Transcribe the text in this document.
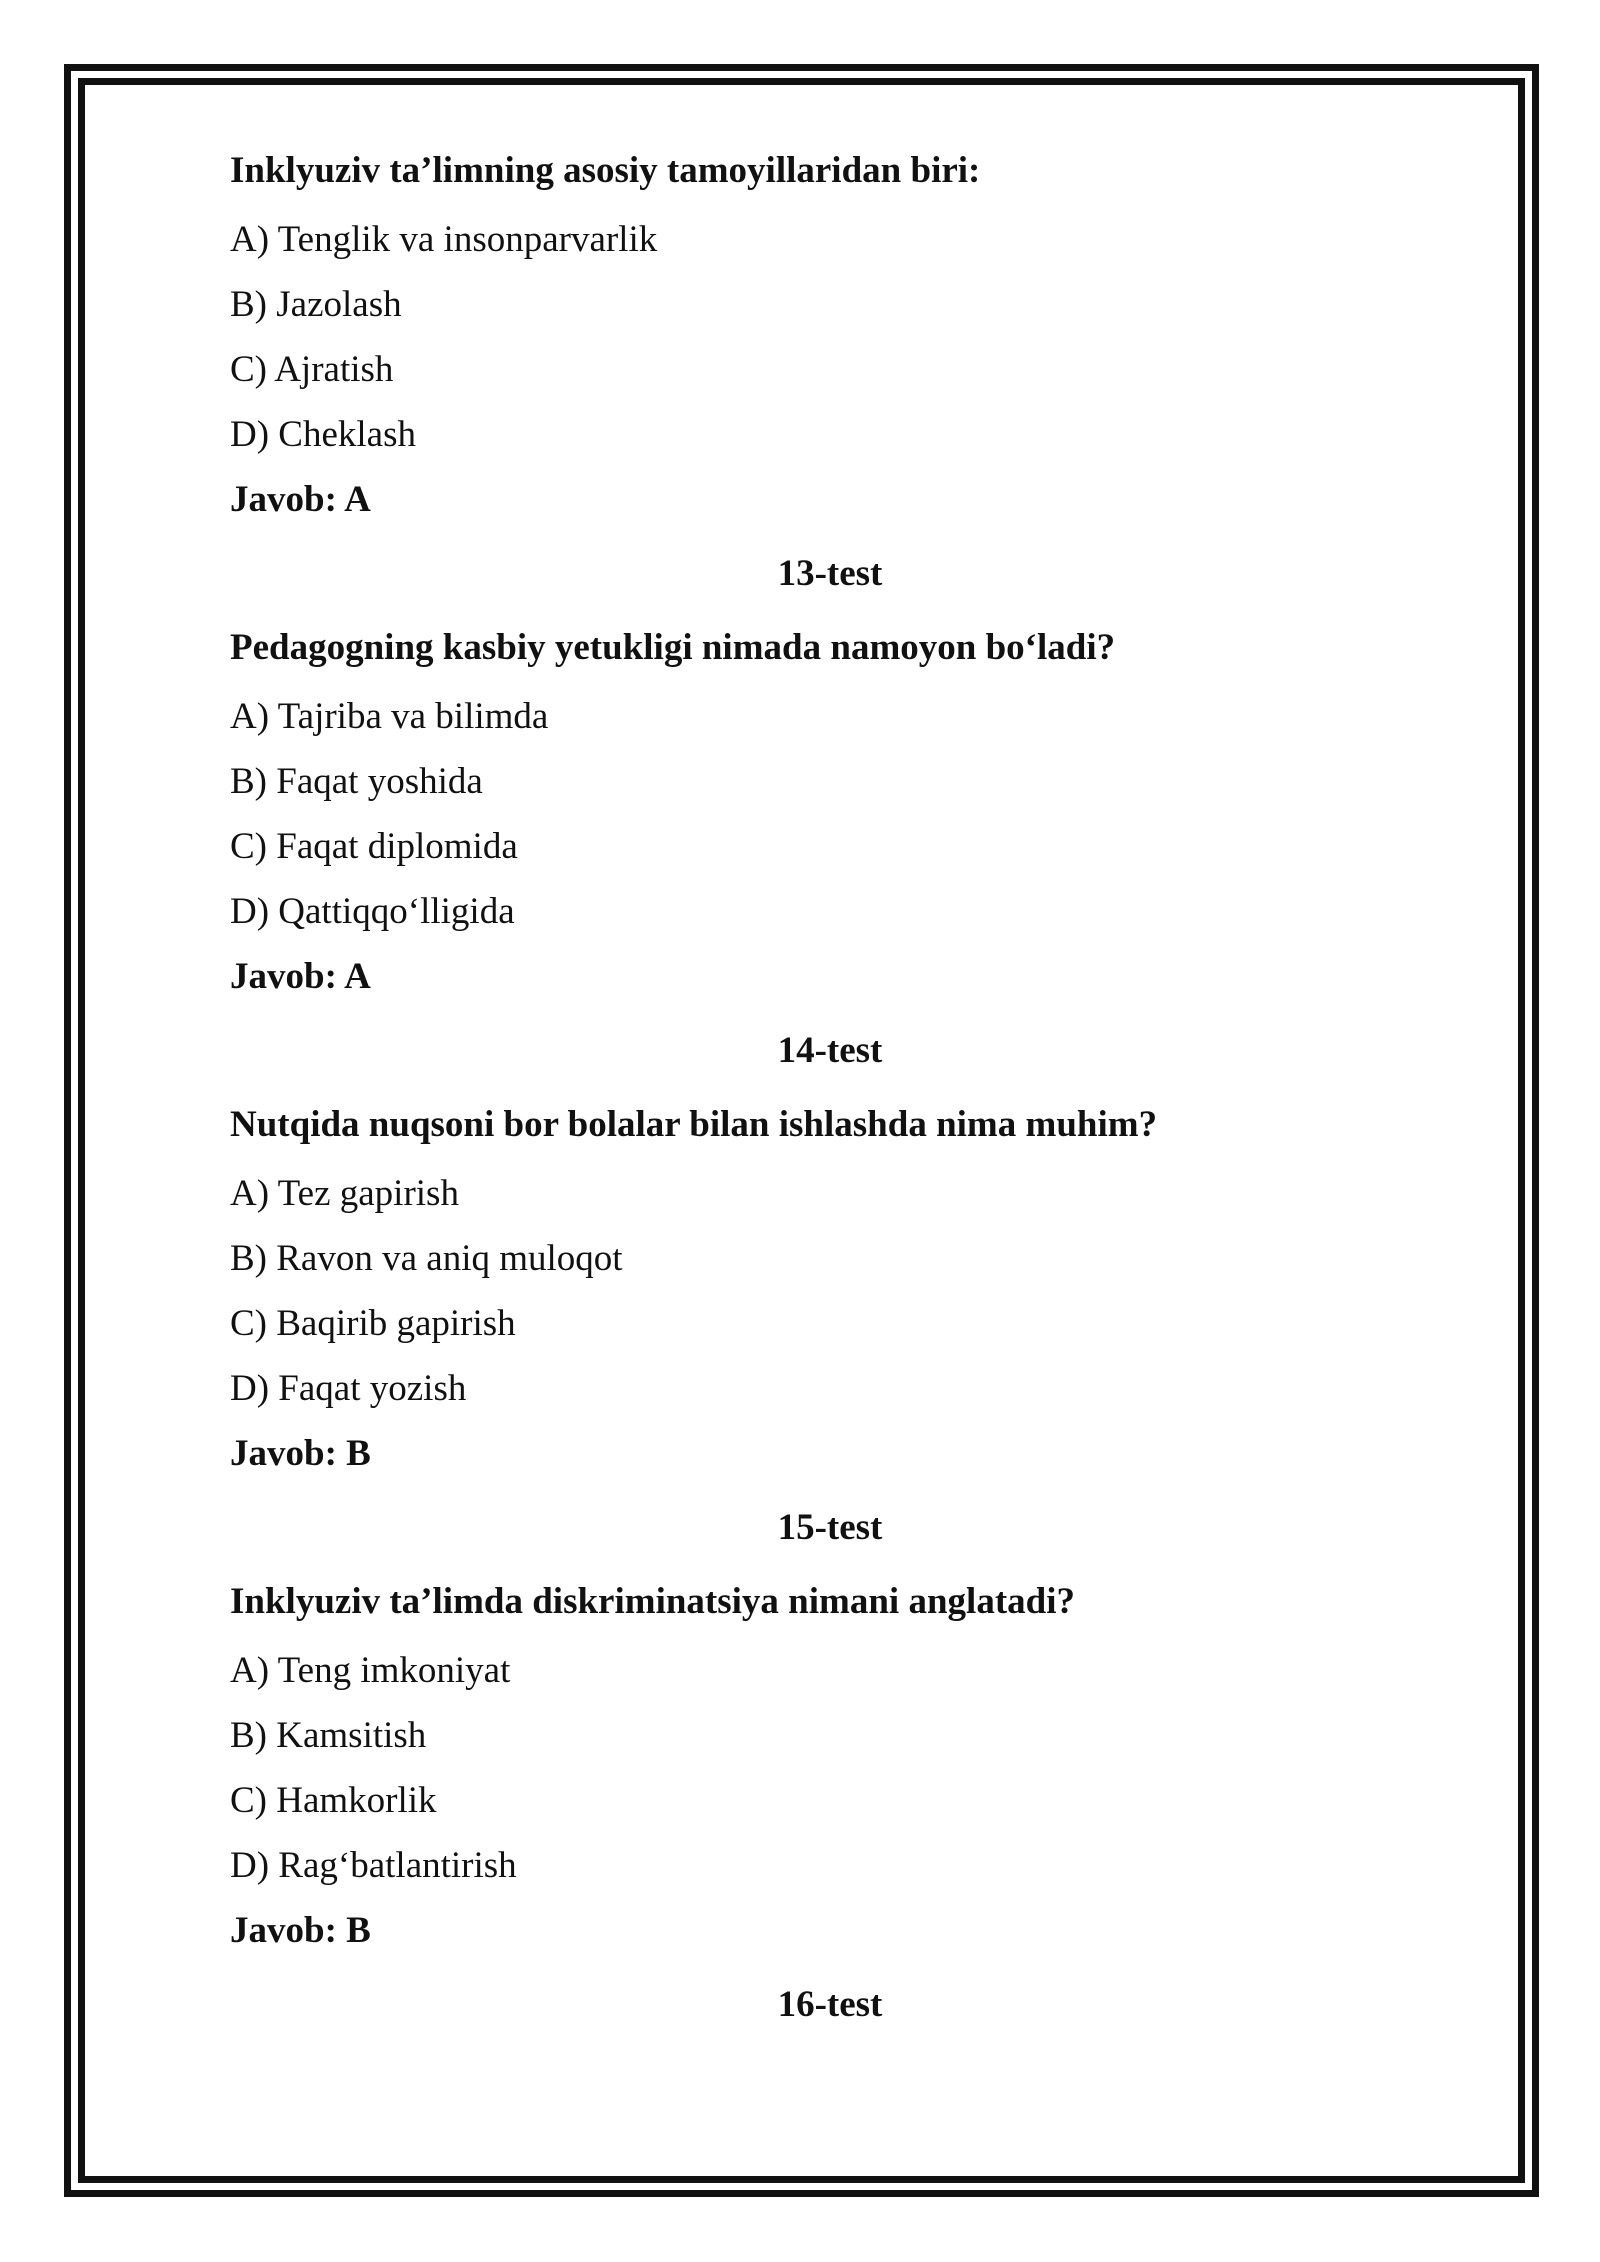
Inklyuziv ta’limning asosiy tamoyillaridan biri:
A) Tenglik va insonparvarlik
B) Jazolash
C) Ajratish
D) Cheklash
Javob: A
13-test
Pedagogning kasbiy yetukligi nimada namoyon bo‘ladi?
A) Tajriba va bilimda
B) Faqat yoshida
C) Faqat diplomida
D) Qattiqqo‘lligida
Javob: A
14-test
Nutqida nuqsoni bor bolalar bilan ishlashda nima muhim?
A) Tez gapirish
B) Ravon va aniq muloqot
C) Baqirib gapirish
D) Faqat yozish
Javob: B
15-test
Inklyuziv ta’limda diskriminatsiya nimani anglatadi?
A) Teng imkoniyat
B) Kamsitish
C) Hamkorlik
D) Rag‘batlantirish
Javob: B
16-test
